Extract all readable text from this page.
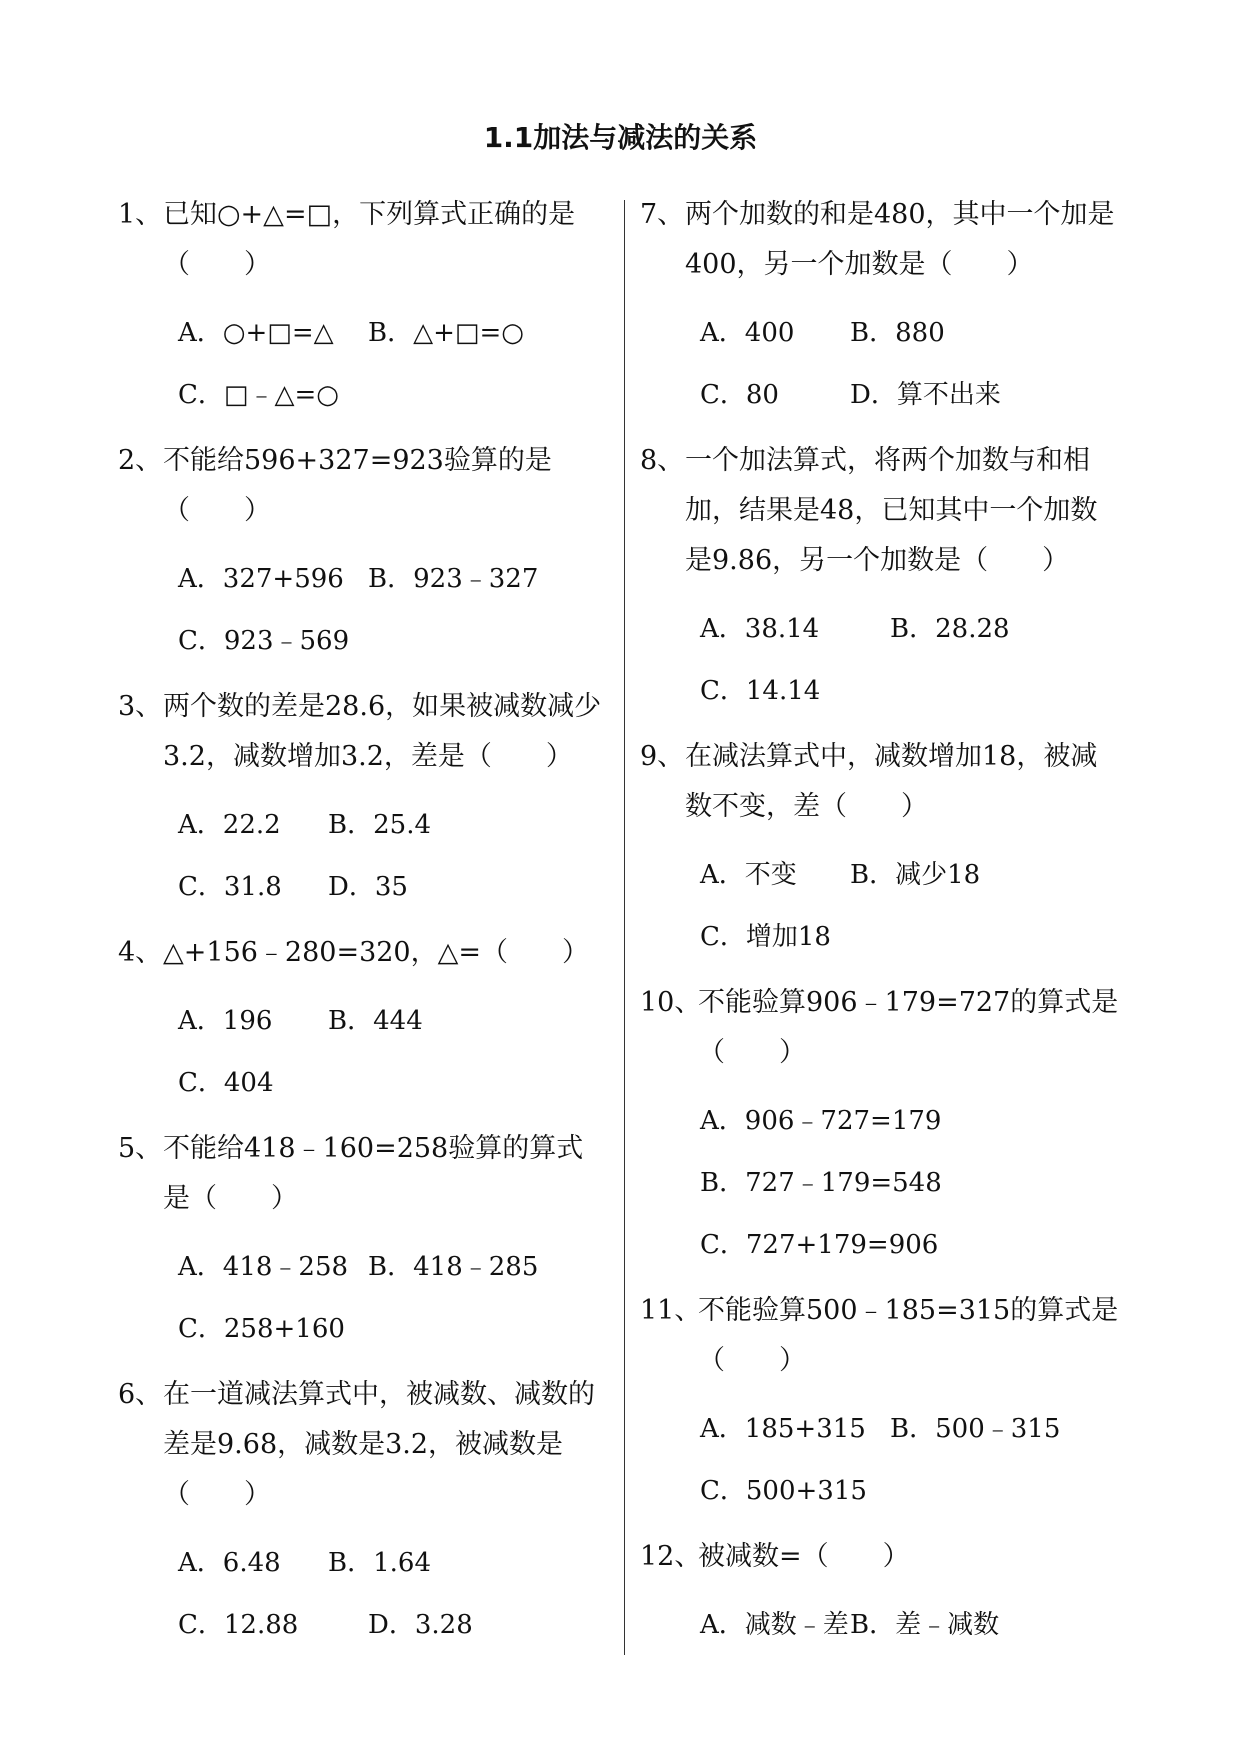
1.1加法与减法的关系
1、 已知○+△=□，下列算式正确的是（　　）
A．○+□=△ B．△+□=○
C．□﹣△=○
2、 不能给596+327=923验算的是（　　）
A．327+596 B．923﹣327
C．923﹣569
3、 两个数的差是28.6，如果被减数减少3.2，减数增加3.2，差是（　　）
A．22.2 B．25.4
C．31.8 D．35
4、 △+156﹣280=320，△=（　　）
A．196 B．444
C．404
5、 不能给418﹣160=258验算的算式是（　　）
A．418﹣258 B．418﹣285
C．258+160
6、 在一道减法算式中，被减数、减数的差是9.68，减数是3.2，被减数是（　　）
A．6.48 B．1.64
C．12.88	D．3.28
7、 两个加数的和是480，其中一个加是400，另一个加数是（　　）
A．400 B．880
C．80	D．算不出来
8、 一个加法算式，将两个加数与和相加，结果是48，已知其中一个加数是9.86，另一个加数是（　　）
A．38.14	B．28.28
C．14.14
9、 在减法算式中，减数增加18，被减数不变，差（　　）
A．不变 B．减少18
C．增加18
10、
不能验算906﹣179=727的算式是（　　）
A．906﹣727=179
B．727﹣179=548
C．727+179=906
11、
不能验算500﹣185=315的算式是（　　）
A．185+315 B．500﹣315
C．500+315
12、
被减数=（　　）
A．减数﹣差B．差﹣减数
